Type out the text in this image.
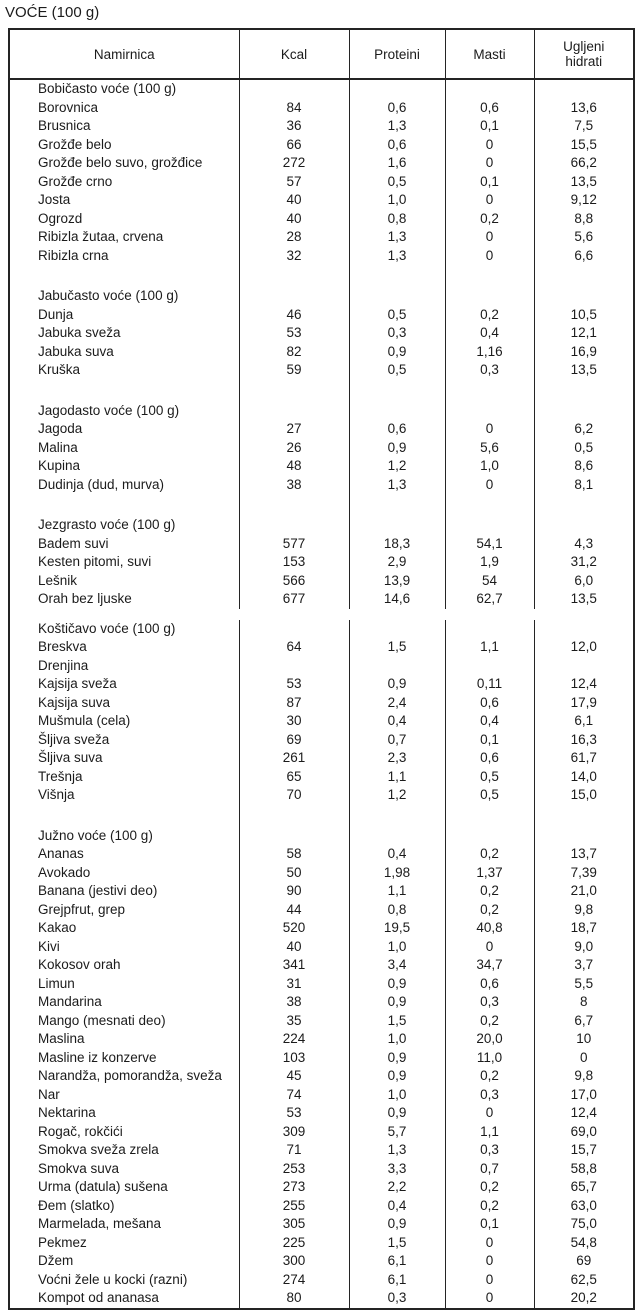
VOĆE (100 g)
Namirnica	Kcal	Proteini	Masti	Ugljeni hidrati
Bobičasto voće (100 g)				
Borovnica	84	0,6	0,6	13,6
Brusnica	36	1,3	0,1	7,5
Grožđe belo	66	0,6	0	15,5
Grožđe belo suvo, grožđice	272	1,6	0	66,2
Grožđe crno	57	0,5	0,1	13,5
Josta	40	1,0	0	9,12
Ogrozd	40	0,8	0,2	8,8
Ribizla žutaa, crvena	28	1,3	0	5,6
Ribizla crna	32	1,3	0	6,6

Jabučasto voće (100 g)				
Dunja	46	0,5	0,2	10,5
Jabuka sveža	53	0,3	0,4	12,1
Jabuka suva	82	0,9	1,16	16,9
Kruška	59	0,5	0,3	13,5

Jagodasto voće (100 g)				
Jagoda	27	0,6	0	6,2
Malina	26	0,9	5,6	0,5
Kupina	48	1,2	1,0	8,6
Dudinja (dud, murva)	38	1,3	0	8,1

Jezgrasto voće (100 g)				
Badem suvi	577	18,3	54,1	4,3
Kesten pitomi, suvi	153	2,9	1,9	31,2
Lešnik	566	13,9	54	6,0
Orah bez ljuske	677	14,6	62,7	13,5

Koštičavo voće (100 g)				
Breskva	64	1,5	1,1	12,0
Drenjina				
Kajsija sveža	53	0,9	0,11	12,4
Kajsija suva	87	2,4	0,6	17,9
Mušmula (cela)	30	0,4	0,4	6,1
Šljiva sveža	69	0,7	0,1	16,3
Šljiva suva	261	2,3	0,6	61,7
Trešnja	65	1,1	0,5	14,0
Višnja	70	1,2	0,5	15,0

Južno voće (100 g)				
Ananas	58	0,4	0,2	13,7
Avokado	50	1,98	1,37	7,39
Banana (jestivi deo)	90	1,1	0,2	21,0
Grejpfrut, grep	44	0,8	0,2	9,8
Kakao	520	19,5	40,8	18,7
Kivi	40	1,0	0	9,0
Kokosov orah	341	3,4	34,7	3,7
Limun	31	0,9	0,6	5,5
Mandarina	38	0,9	0,3	8
Mango (mesnati deo)	35	1,5	0,2	6,7
Maslina	224	1,0	20,0	10
Masline iz konzerve	103	0,9	11,0	0
Narandža, pomorandža, sveža	45	0,9	0,2	9,8
Nar	74	1,0	0,3	17,0
Nektarina	53	0,9	0	12,4
Rogač, rokčići	309	5,7	1,1	69,0
Smokva sveža zrela	71	1,3	0,3	15,7
Smokva suva	253	3,3	0,7	58,8
Urma (datula) sušena	273	2,2	0,2	65,7
Đem (slatko)	255	0,4	0,2	63,0
Marmelada, mešana	305	0,9	0,1	75,0
Pekmez	225	1,5	0	54,8
Džem	300	6,1	0	69
Voćni žele u kocki (razni)	274	6,1	0	62,5
Kompot od ananasa	80	0,3	0	20,2
